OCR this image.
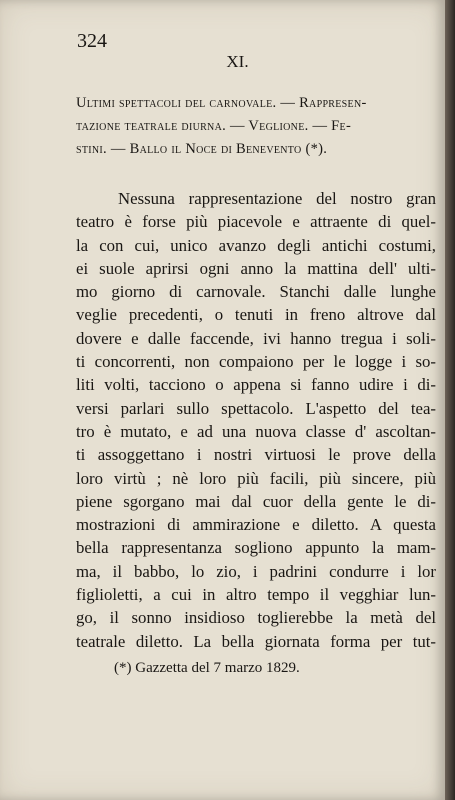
324
XI.
Ultimi spettacoli del carnovale. — Rappresen-
tazione teatrale diurna. — Veglione. — Fe-
stini. — Ballo il Noce di Benevento (*).
Nessuna rappresentazione del nostro gran
teatro è forse più piacevole e attraente di quel-
la con cui, unico avanzo degli antichi costumi,
ei suole aprirsi ogni anno la mattina dell' ulti-
mo giorno di carnovale. Stanchi dalle lunghe
veglie precedenti, o tenuti in freno altrove dal
dovere e dalle faccende, ivi hanno tregua i soli-
ti concorrenti, non compaiono per le logge i so-
liti volti, tacciono o appena si fanno udire i di-
versi parlari sullo spettacolo. L'aspetto del tea-
tro è mutato, e ad una nuova classe d' ascoltan-
ti assoggettano i nostri virtuosi le prove della
loro virtù ; nè loro più facili, più sincere, più
piene sgorgano mai dal cuor della gente le di-
mostrazioni di ammirazione e diletto. A questa
bella rappresentanza sogliono appunto la mam-
ma, il babbo, lo zio, i padrini condurre i lor
figlioletti, a cui in altro tempo il vegghiar lun-
go, il sonno insidioso toglierebbe la metà del
teatrale diletto. La bella giornata forma per tut-
(*) Gazzetta del 7 marzo 1829.
